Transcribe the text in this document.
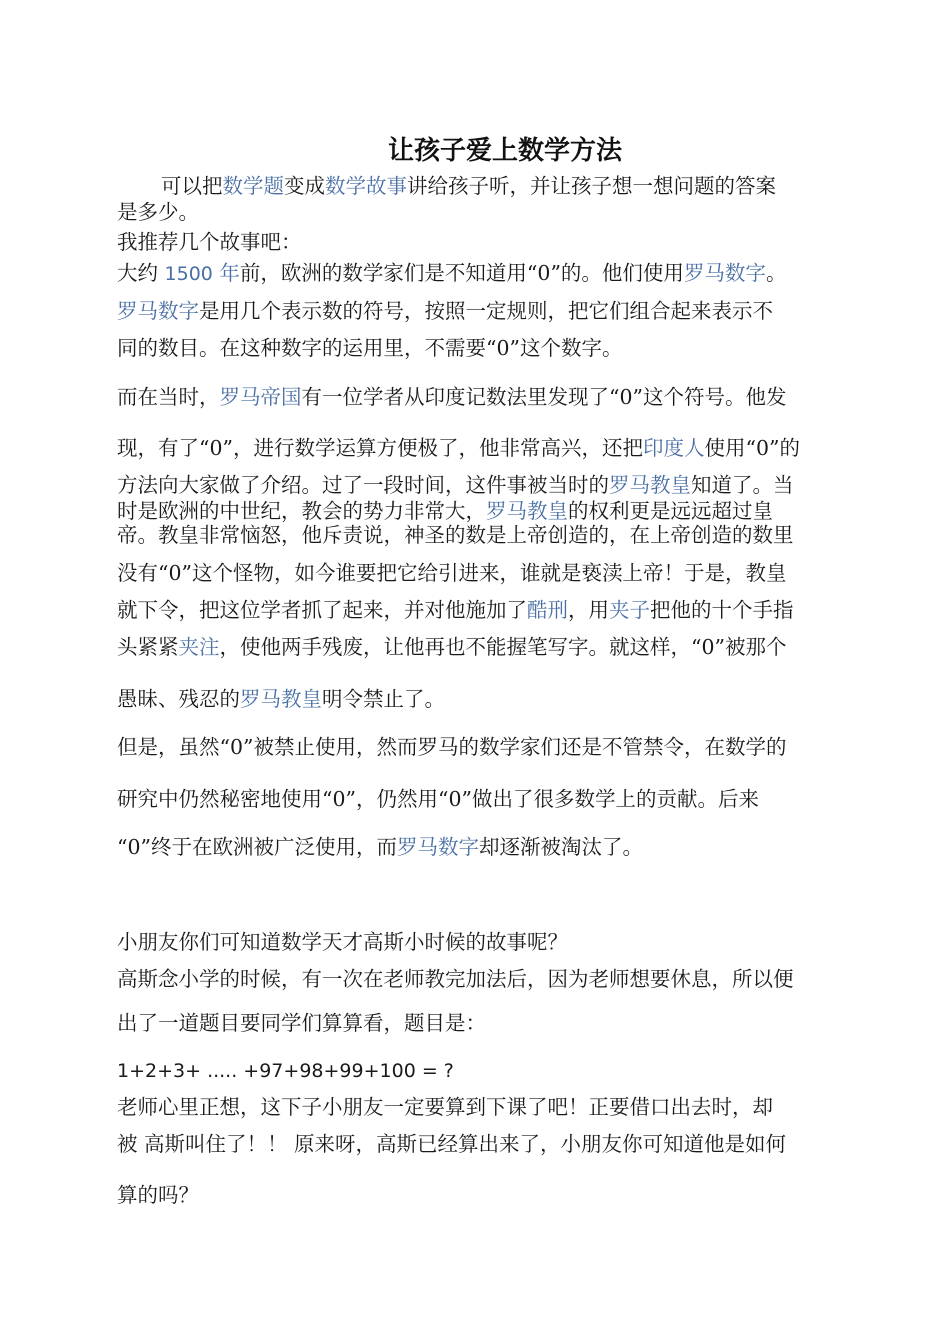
让孩子爱上数学方法
可以把数学题变成数学故事讲给孩子听，并让孩子想一想问题的答案
是多少。
我推荐几个故事吧：
大约 1500 年前，欧洲的数学家们是不知道用“0”的。他们使用罗马数字。
罗马数字是用几个表示数的符号，按照一定规则，把它们组合起来表示不
同的数目。在这种数字的运用里，不需要“0”这个数字。
而在当时，罗马帝国有一位学者从印度记数法里发现了“0”这个符号。他发
现，有了“0”，进行数学运算方便极了，他非常高兴，还把印度人使用“0”的
方法向大家做了介绍。过了一段时间，这件事被当时的罗马教皇知道了。当
时是欧洲的中世纪，教会的势力非常大，罗马教皇的权利更是远远超过皇
帝。教皇非常恼怒，他斥责说，神圣的数是上帝创造的，在上帝创造的数里
没有“0”这个怪物，如今谁要把它给引进来，谁就是亵渎上帝！于是，教皇
就下令，把这位学者抓了起来，并对他施加了酷刑，用夹子把他的十个手指
头紧紧夹注，使他两手残废，让他再也不能握笔写字。就这样，“0”被那个
愚昧、残忍的罗马教皇明令禁止了。
但是，虽然“0”被禁止使用，然而罗马的数学家们还是不管禁令，在数学的
研究中仍然秘密地使用“0”，仍然用“0”做出了很多数学上的贡献。后来
“0”终于在欧洲被广泛使用，而罗马数字却逐渐被淘汰了。
小朋友你们可知道数学天才高斯小时候的故事呢？
高斯念小学的时候，有一次在老师教完加法后，因为老师想要休息，所以便
出了一道题目要同学们算算看，题目是：
1+2+3+ ..... +97+98+99+100 = ?
老师心里正想，这下子小朋友一定要算到下课了吧！正要借口出去时，却
被 高斯叫住了！！ 原来呀，高斯已经算出来了，小朋友你可知道他是如何
算的吗？
